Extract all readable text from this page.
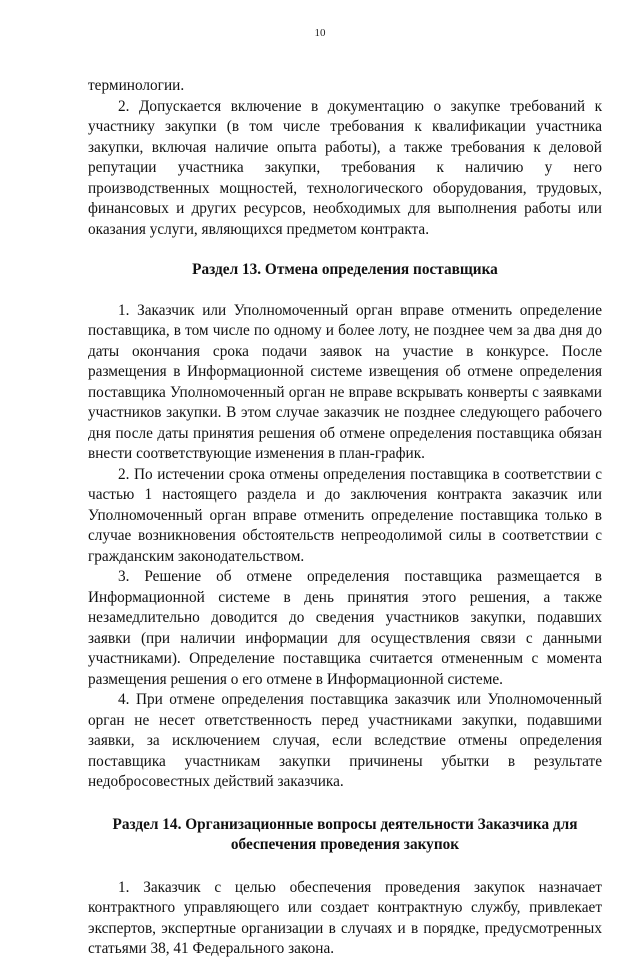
10

терминологии.

2. Допускается включение в документацию о закупке требований к участнику закупки (в том числе требования к квалификации участника закупки, включая наличие опыта работы), а также требования к деловой репутации участника закупки, требования к наличию у него производственных мощностей, технологического оборудования, трудовых, финансовых и других ресурсов, необходимых для выполнения работы или оказания услуги, являющихся предметом контракта.

Раздел 13. Отмена определения поставщика

1. Заказчик или Уполномоченный орган вправе отменить определение поставщика, в том числе по одному и более лоту, не позднее чем за два дня до даты окончания срока подачи заявок на участие в конкурсе. После размещения в Информационной системе извещения об отмене определения поставщика Уполномоченный орган не вправе вскрывать конверты с заявками участников закупки. В этом случае заказчик не позднее следующего рабочего дня после даты принятия решения об отмене определения поставщика обязан внести соответствующие изменения в план-график.

2. По истечении срока отмены определения поставщика в соответствии с частью 1 настоящего раздела и до заключения контракта заказчик или Уполномоченный орган вправе отменить определение поставщика только в случае возникновения обстоятельств непреодолимой силы в соответствии с гражданским законодательством.

3. Решение об отмене определения поставщика размещается в Информационной системе в день принятия этого решения, а также незамедлительно доводится до сведения участников закупки, подавших заявки (при наличии информации для осуществления связи с данными участниками). Определение поставщика считается отмененным с момента размещения решения о его отмене в Информационной системе.

4. При отмене определения поставщика заказчик или Уполномоченный орган не несет ответственность перед участниками закупки, подавшими заявки, за исключением случая, если вследствие отмены определения поставщика участникам закупки причинены убытки в результате недобросовестных действий заказчика.

Раздел 14. Организационные вопросы деятельности Заказчика для
обеспечения проведения закупок

1. Заказчик с целью обеспечения проведения закупок назначает контрактного управляющего или создает контрактную службу, привлекает экспертов, экспертные организации в случаях и в порядке, предусмотренных статьями 38, 41 Федерального закона.
